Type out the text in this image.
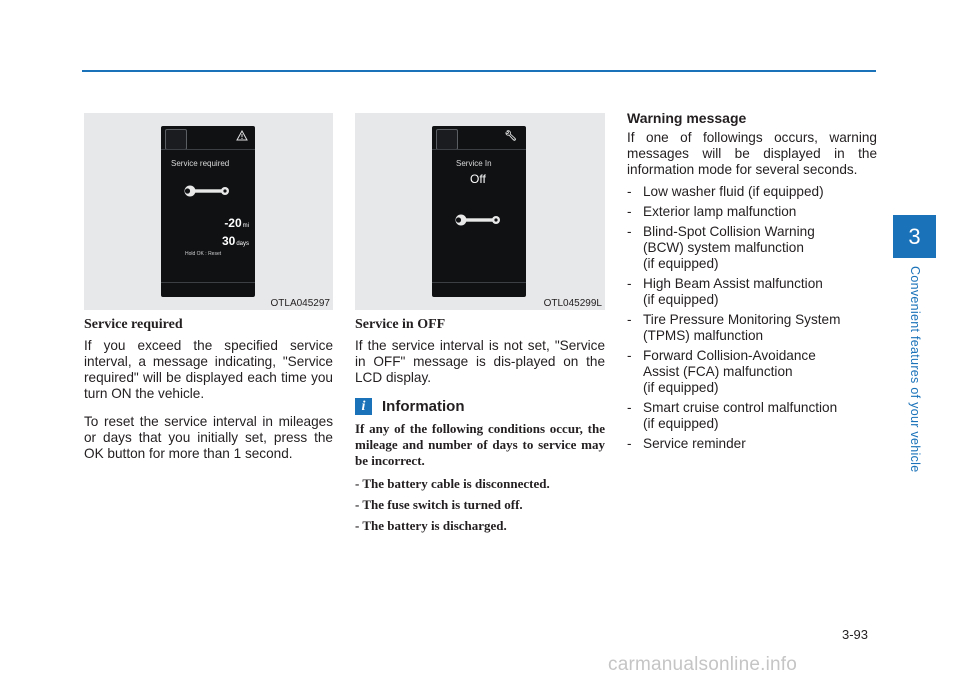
Service required
-20mi
30days
Hold OK : Reset
OTLA045297
Service required

If you exceed the specified service interval, a message indicating, "Service required" will be displayed each time you turn ON the vehicle.

To reset the service interval in mileages or days that you initially set, press the OK button for more than 1 second.

🔧︎
Service In
Off
OTL045299L
Service in OFF

If the service interval is not set, "Service in OFF" message is dis-played on the LCD display.

i	Information

If any of the following conditions occur, the mileage and number of days to service may be incorrect.

- The battery cable is disconnected.
- The fuse switch is turned off.
- The battery is discharged.
Warning message

If one of followings occurs, warning messages will be displayed in the information mode for several seconds.

- Low washer fluid (if equipped)
- Exterior lamp malfunction
- Blind-Spot Collision Warning
(BCW) system malfunction
(if equipped)
- High Beam Assist malfunction
(if equipped)
- Tire Pressure Monitoring System
(TPMS) malfunction
- Forward Collision-Avoidance
Assist (FCA) malfunction
(if equipped)
- Smart cruise control malfunction
(if equipped)
- Service reminder
3
Convenient features of your vehicle
3-93
carmanualsonline.info
